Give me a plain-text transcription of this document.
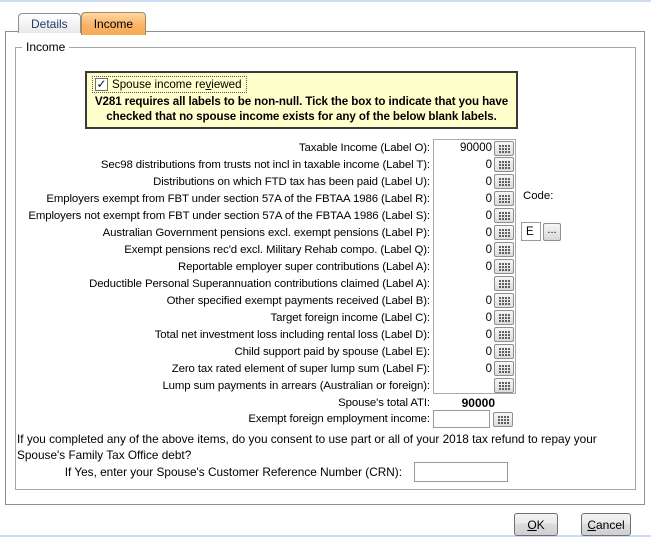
Details	Income
Income
✓ Spouse income reviewed
V281 requires all labels to be non-null. Tick the box to indicate that you have checked that no spouse income exists for any of the below blank labels.
Taxable Income (Label O):	90000
Sec98 distributions from trusts not incl in taxable income (Label T):	0
Distributions on which FTD tax has been paid (Label U):	0
Employers exempt from FBT under section 57A of the FBTAA 1986 (Label R):	0
Employers not exempt from FBT under section 57A of the FBTAA 1986 (Label S):	0
Australian Government pensions excl. exempt pensions (Label P):	0
Exempt pensions rec'd excl. Military Rehab compo. (Label Q):	0
Reportable employer super contributions (Label A):	0
Deductible Personal Superannuation contributions claimed (Label A):
Other specified exempt payments received (Label B):	0
Target foreign income (Label C):	0
Total net investment loss including rental loss (Label D):	0
Child support paid by spouse (Label E):	0
Zero tax rated element of super lump sum (Label F):	0
Lump sum payments in arrears (Australian or foreign):
Code:
E	...
Spouse's total ATI:	90000
Exempt foreign employment income:
If you completed any of the above items, do you consent to use part or all of your 2018 tax refund to repay your Spouse's Family Tax Office debt?
If Yes, enter your Spouse's Customer Reference Number (CRN):
OK	Cancel
